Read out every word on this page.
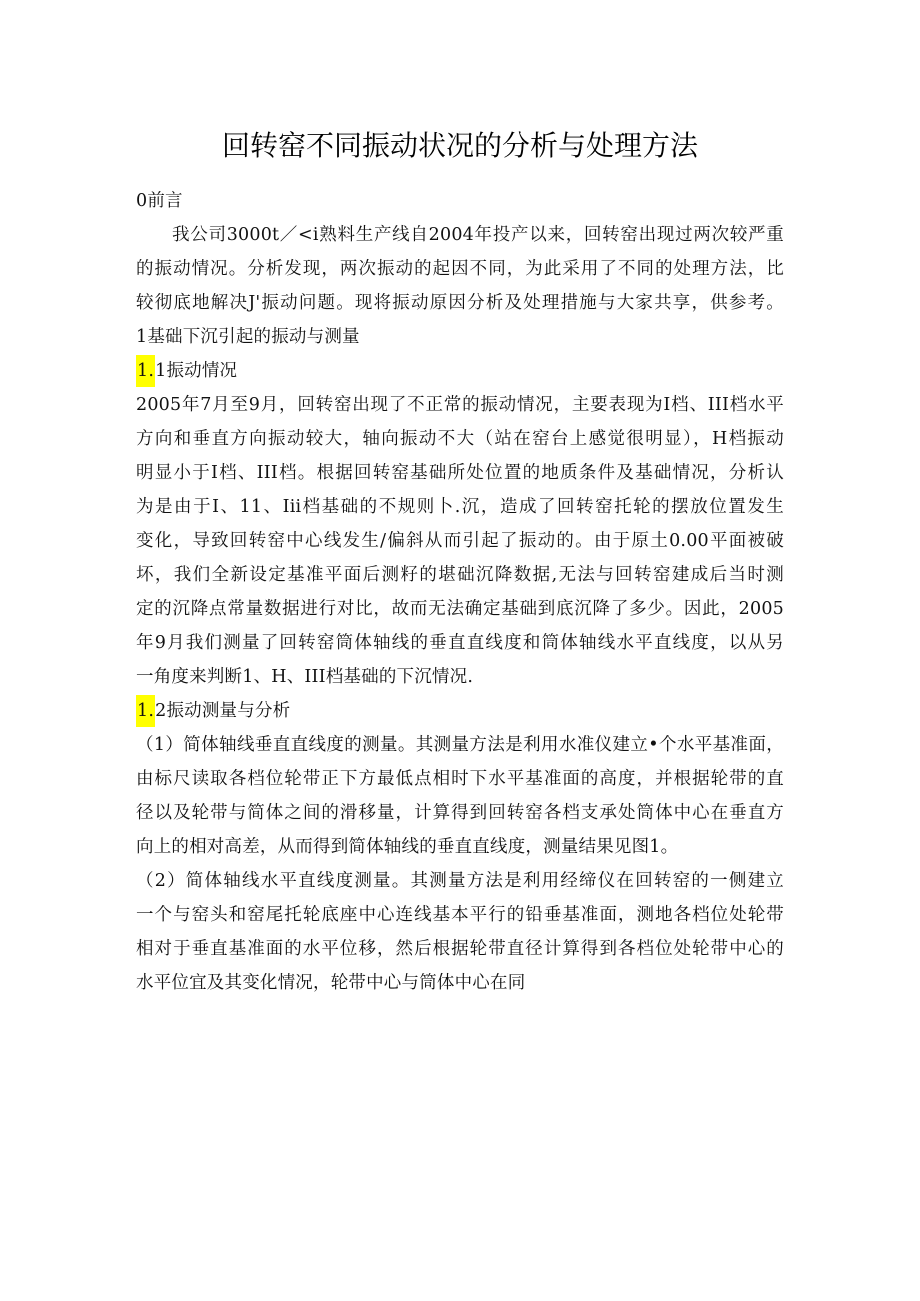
回转窑不同振动状况的分析与处理方法
0前言
我公司3000t／<i熟料生产线自2004年投产以来，回转窑出现过两次较严重
的振动情况。分析发现，两次振动的起因不同，为此采用了不同的处理方法，比
较彻底地解决J'振动问题。现将振动原因分析及处理措施与大家共享，供参考。
1基础下沉引起的振动与测量
1.1振动情况
2005年7月至9月，回转窑出现了不正常的振动情况，主要表现为I档、III档水平
方向和垂直方向振动较大，轴向振动不大（站在窑台上感觉很明显），H档振动
明显小于I档、III档。根据回转窑基础所处位置的地质条件及基础情况，分析认
为是由于I、11、Iii档基础的不规则卜.沉，造成了回转窑托轮的摆放位置发生
变化，导致回转窑中心线发生/偏斜从而引起了振动的。由于原土0.00平面被破
坏，我们全新设定基准平面后测籽的堪础沉降数据,无法与回转窑建成后当时测
定的沉降点常量数据进行对比，故而无法确定基础到底沉降了多少。因此，2005
年9月我们测量了回转窑筒体轴线的垂直直线度和筒体轴线水平直线度，以从另
一角度来判断1、H、III档基础的下沉情况.
1.2振动测量与分析
（1）简体轴线垂直直线度的测量。其测量方法是利用水准仪建立•个水平基准面，
由标尺读取各档位轮带正下方最低点相时下水平基准面的高度，并根据轮带的直
径以及轮带与简体之间的滑移量，计算得到回转窑各档支承处筒体中心在垂直方
向上的相对高差，从而得到简体轴线的垂直直线度，测量结果见图1。
（2）简体轴线水平直线度测量。其测量方法是利用经缔仪在回转窑的一侧建立
一个与窑头和窑尾托轮底座中心连线基本平行的铅垂基准面，测地各档位处轮带
相对于垂直基准面的水平位移，然后根据轮带直径计算得到各档位处轮带中心的
水平位宜及其变化情况，轮带中心与筒体中心在同
